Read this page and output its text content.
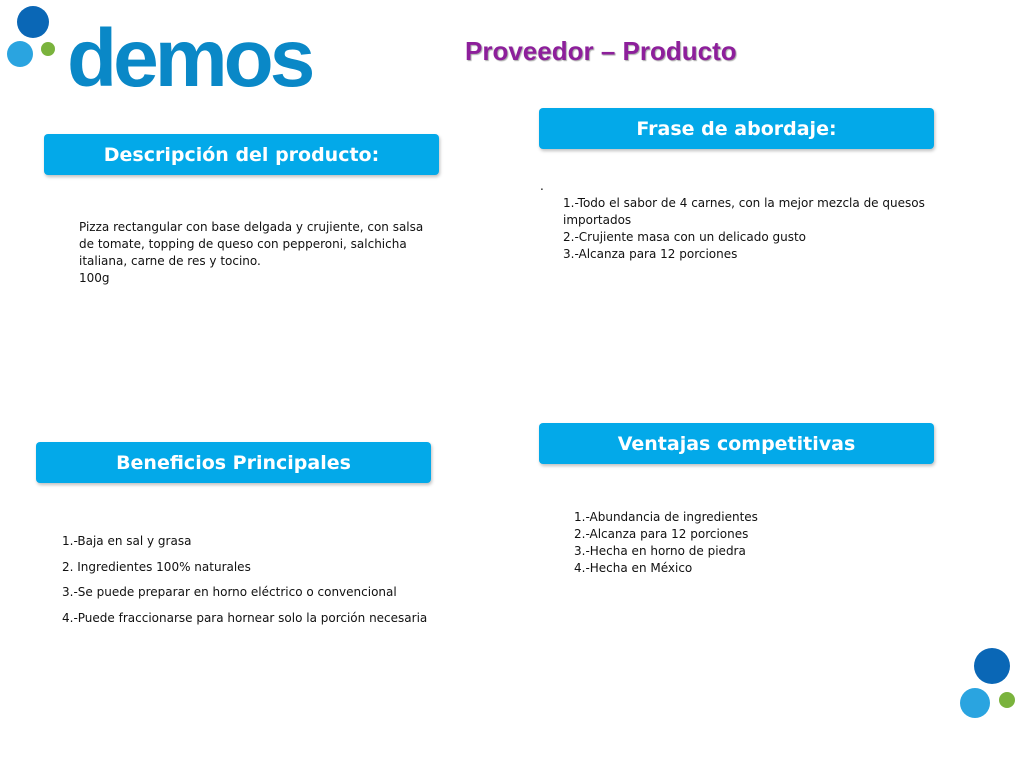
demos	Proveedor – Producto
Descripción del producto:
Pizza rectangular con base delgada y crujiente, con salsa
de tomate, topping de queso con pepperoni, salchicha
italiana, carne de res y tocino.
100g
Frase de abordaje:
.
1.-Todo el sabor de 4 carnes, con la mejor mezcla de quesos
importados
2.-Crujiente masa con un delicado gusto
3.-Alcanza para 12 porciones
Beneficios Principales
1.-Baja en sal y grasa
2. Ingredientes 100% naturales
3.-Se puede preparar en horno eléctrico o convencional
4.-Puede fraccionarse para hornear solo la porción necesaria
Ventajas competitivas
1.-Abundancia de ingredientes
2.-Alcanza para 12 porciones
3.-Hecha en horno de piedra
4.-Hecha en México
